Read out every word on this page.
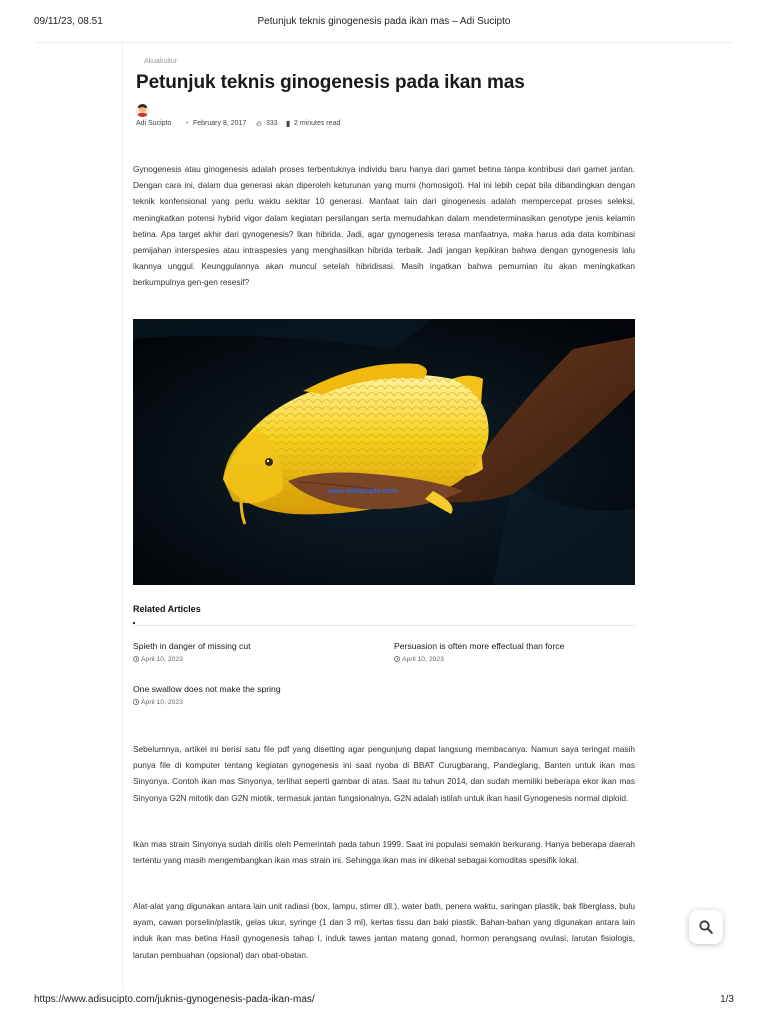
09/11/23, 08.51	Petunjuk teknis ginogenesis pada ikan mas – Adi Sucipto
Akuakultur
Petunjuk teknis ginogenesis pada ikan mas
Adi Sucipto • February 8, 2017 🔥︎ 333 ▮ 2 minutes read

Gynogenesis atau ginogenesis adalah proses terbentuknya individu baru hanya dari gamet betina tanpa kontribusi dari gamet jantan. Dengan cara ini, dalam dua generasi akan diperoleh keturunan yang murni (homosigot). Hal ini lebih cepat bila dibandingkan dengan teknik konfensional yang perlu waktu sekitar 10 generasi. Manfaat lain dari ginogenesis adalah mempercepat proses seleksi, meningkatkan potensi hybrid vigor dalam kegiatan persilangan serta memudahkan dalam mendeterminasikan genotype jenis kelamin betina. Apa target akhir dari gynogenesis? Ikan hibrida. Jadi, agar gynogenesis terasa manfaatnya, maka harus ada data kombinasi pemijahan interspesies atau intraspesies yang menghasilkan hibrida terbaik. Jadi jangan kepikiran bahwa dengan gynogenesis lalu ikannya unggul. Keunggulannya akan muncul setelah hibridisasi. Masih ingatkan bahwa pemurnian itu akan meningkatkan berkumpulnya gen-gen resesif?

www.adisucipto.com
Related Articles
Spieth in danger of missing cut
April 10, 2023
Persuasion is often more effectual than force
April 10, 2023
One swallow does not make the spring
April 10, 2023

Sebelumnya, artikel ini berisi satu file pdf yang disetting agar pengunjung dapat langsung membacanya. Namun saya teringat masih punya file di komputer tentang kegiatan gynogenesis ini saat nyoba di BBAT Curugbarang, Pandeglang, Banten untuk ikan mas Sinyonya. Contoh ikan mas Sinyonya, terlihat seperti gambar di atas. Saat itu tahun 2014, dan sudah memiliki beberapa ekor ikan mas Sinyonya G2N mitotik dan G2N miotik, termasuk jantan fungsionalnya. G2N adalah istilah untuk ikan hasil Gynogenesis normal diploid.

Ikan mas strain Sinyonya sudah dirilis oleh Pemerintah pada tahun 1999. Saat ini populasi semakin berkurang. Hanya beberapa daerah tertentu yang masih mengembangkan ikan mas strain ini. Sehingga ikan mas ini dikenal sebagai komoditas spesifik lokal.

Alat-alat yang digunakan antara lain unit radiasi (box, lampu, stirrer dll.), water bath, penera waktu, saringan plastik, bak fiberglass, bulu ayam, cawan porselin/plastik, gelas ukur, syringe (1 dan 3 ml), kertas tissu dan baki plastik. Bahan-bahan yang digunakan antara lain induk ikan mas betina Hasil gynogenesis tahap I, induk tawes jantan matang gonad, hormon perangsang ovulasi, larutan fisiologis, larutan pembuahan (opsional) dan obat-obatan.

https://www.adisucipto.com/juknis-gynogenesis-pada-ikan-mas/	1/3
